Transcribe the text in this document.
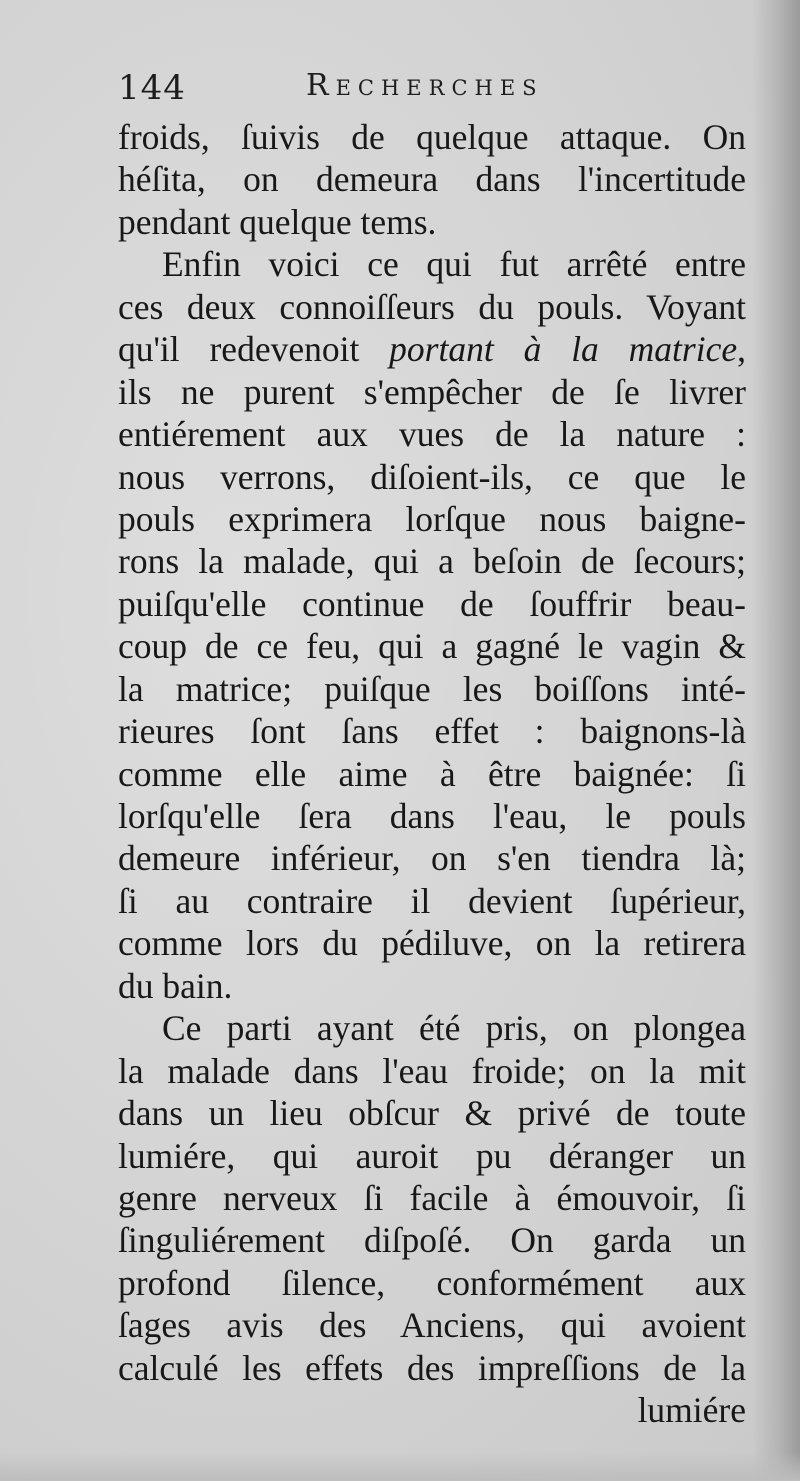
144	Recherches
froids, ſuivis de quelque attaque. On
héſita, on demeura dans l'incertitude
pendant quelque tems.
Enfin voici ce qui fut arrêté entre
ces deux connoiſſeurs du pouls. Voyant
qu'il redevenoit portant à la matrice,
ils ne purent s'empêcher de ſe livrer
entiérement aux vues de la nature :
nous verrons, diſoient-ils, ce que le
pouls exprimera lorſque nous baigne-
rons la malade, qui a beſoin de ſecours;
puiſqu'elle continue de ſouffrir beau-
coup de ce feu, qui a gagné le vagin &
la matrice; puiſque les boiſſons inté-
rieures ſont ſans effet : baignons-là
comme elle aime à être baignée: ſi
lorſqu'elle ſera dans l'eau, le pouls
demeure inférieur, on s'en tiendra là;
ſi au contraire il devient ſupérieur,
comme lors du pédiluve, on la retirera
du bain.
Ce parti ayant été pris, on plongea
la malade dans l'eau froide; on la mit
dans un lieu obſcur & privé de toute
lumiére, qui auroit pu déranger un
genre nerveux ſi facile à émouvoir, ſi
ſinguliérement diſpoſé. On garda un
profond ſilence, conformément aux
ſages avis des Anciens, qui avoient
calculé les effets des impreſſions de la
lumiére
